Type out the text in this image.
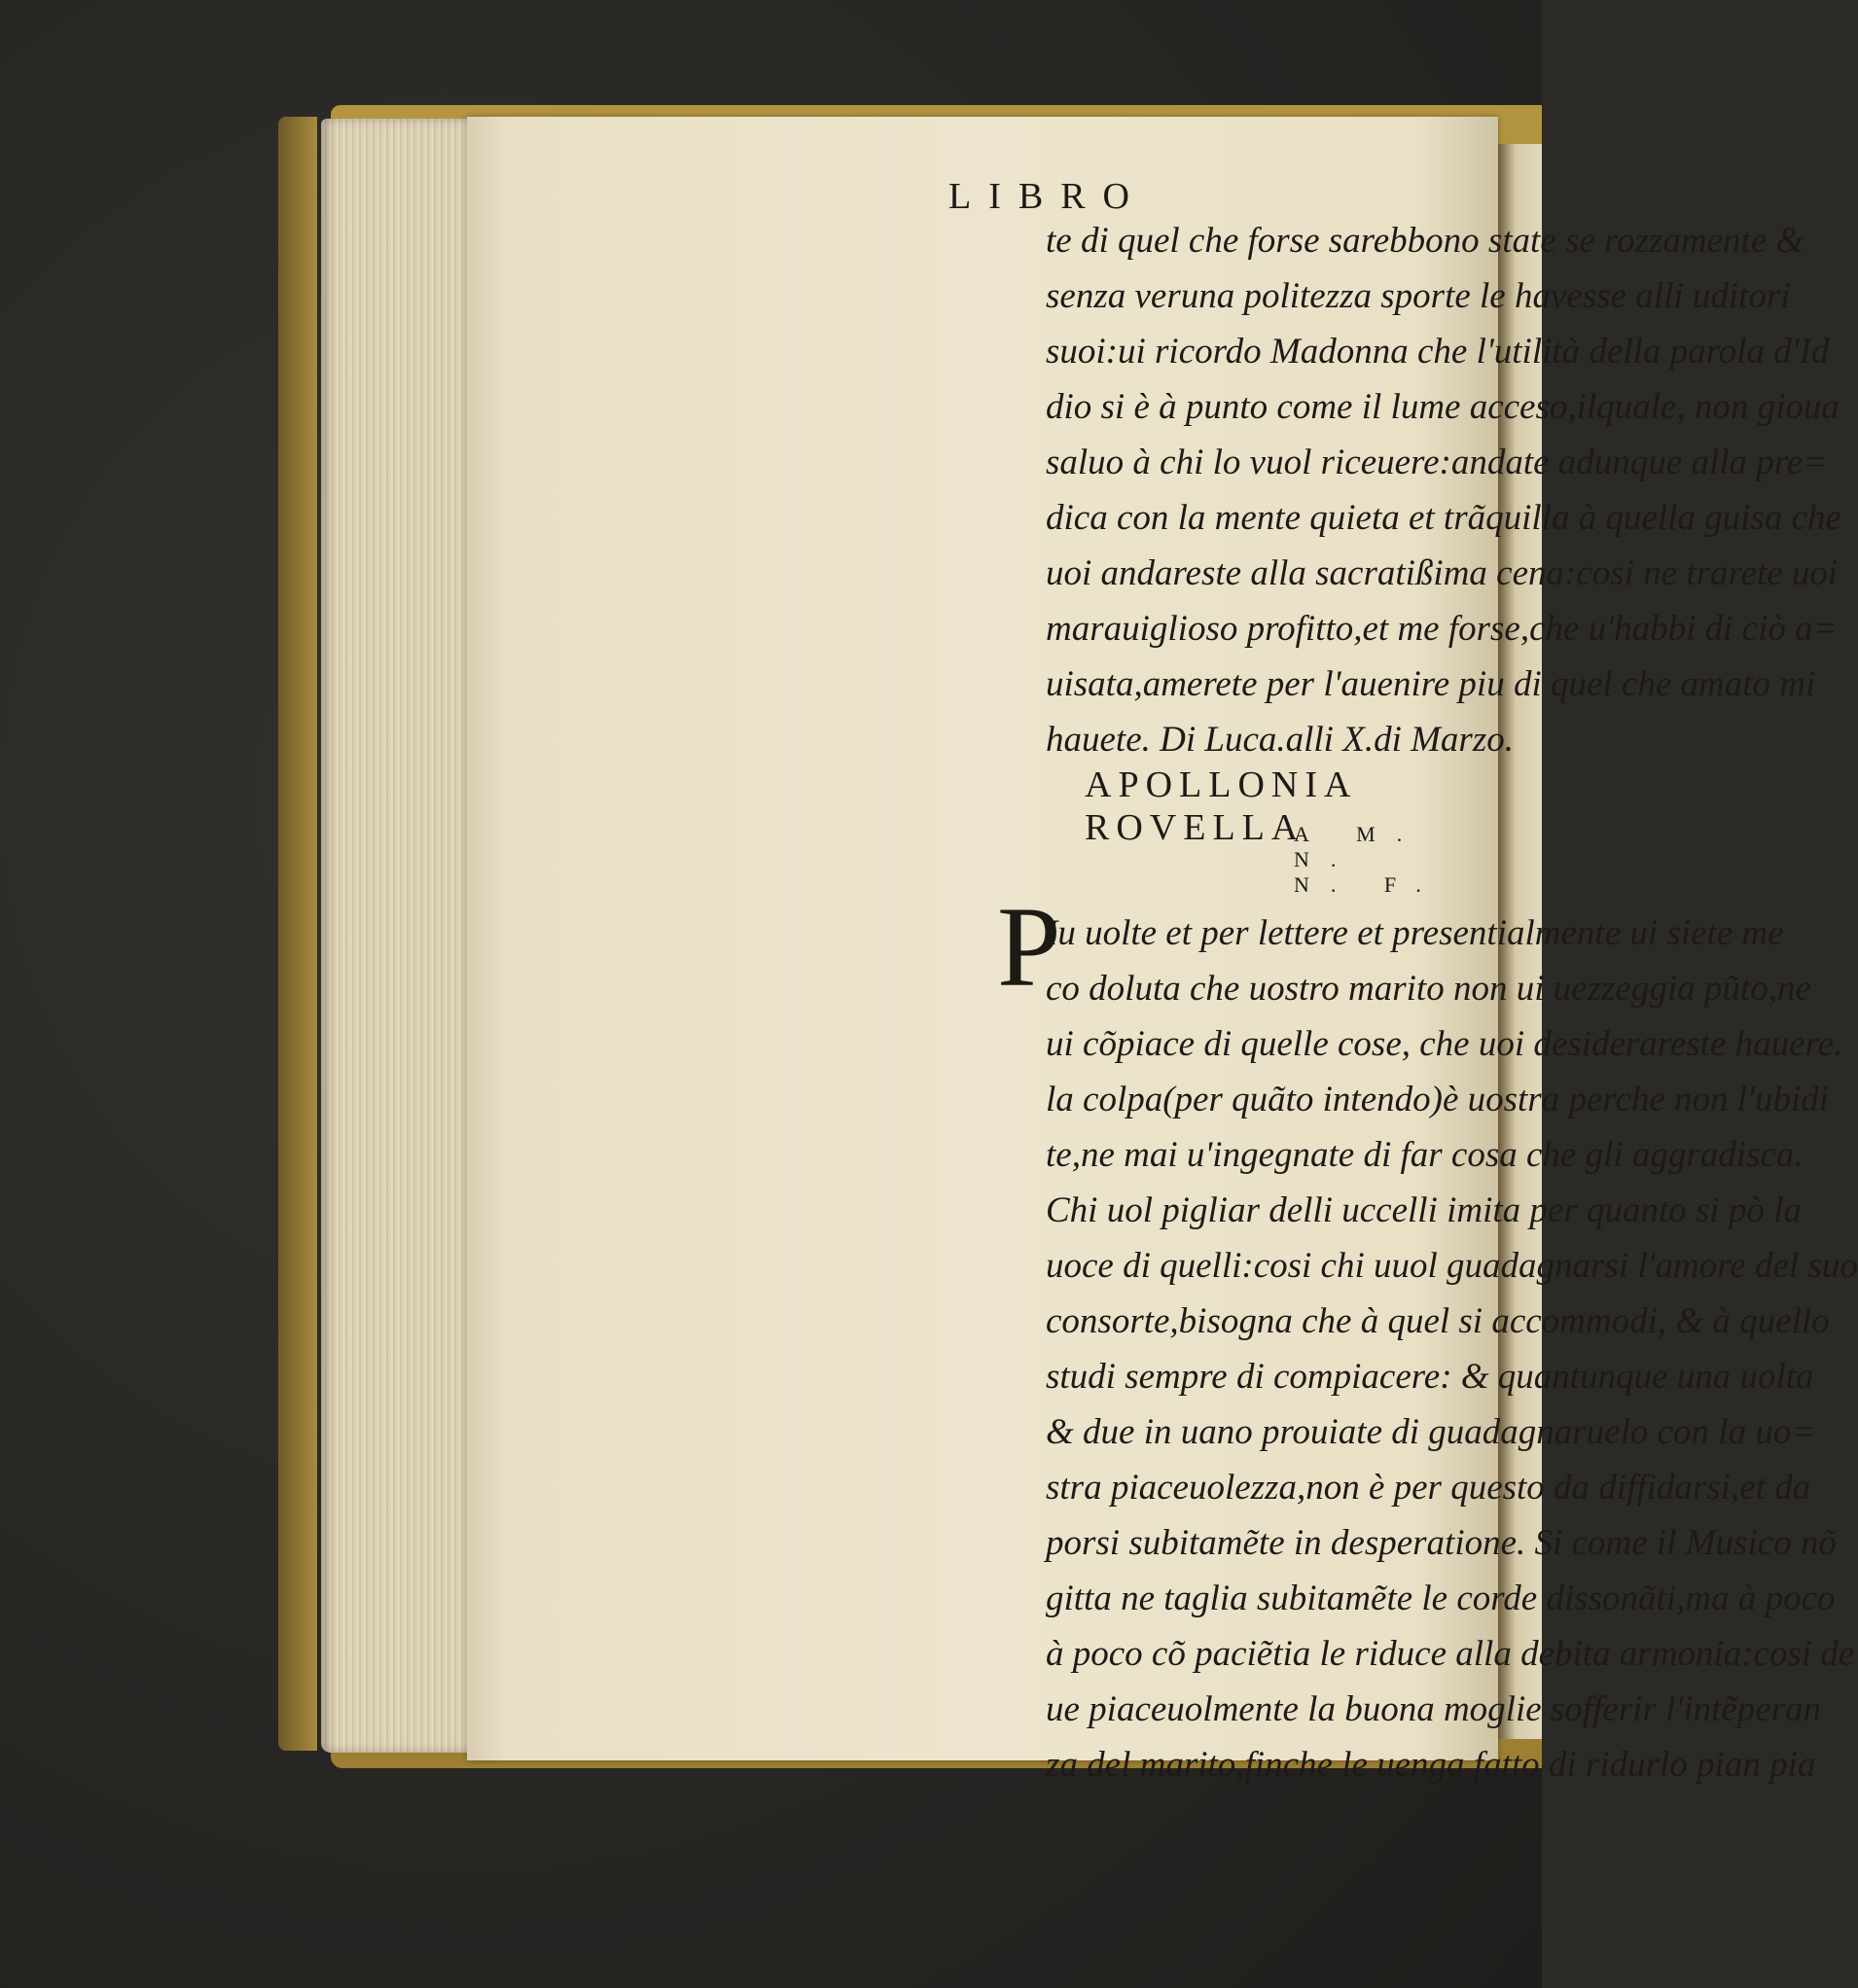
LIBRO
te di quel che forse sarebbono state se rozzamente &
senza veruna politezza sporte le havesse alli uditori
suoi:ui ricordo Madonna che l'utilità della parola d'Id
dio si è à punto come il lume acceso,ilquale, non gioua
saluo à chi lo vuol riceuere:andate adunque alla pre=
dica con la mente quieta et trãquilla à quella guisa che
uoi andareste alla sacratißima cena:cosi ne trarete uoi
marauiglioso profitto,et me forse,che u'habbi di ciò a=
uisata,amerete per l'auenire piu di quel che amato mi
hauete. Di Luca.alli X.di Marzo.
APOLLONIA ROVELLA
A M. N. N. F.
P
Iu uolte et per lettere et presentialmente ui siete me
co doluta che uostro marito non ui uezzeggia pũto,ne
ui cõpiace di quelle cose, che uoi desiderareste hauere.
la colpa(per quãto intendo)è uostra perche non l'ubidi
te,ne mai u'ingegnate di far cosa che gli aggradisca.
Chi uol pigliar delli uccelli imita per quanto si pò la
uoce di quelli:cosi chi uuol guadagnarsi l'amore del suo
consorte,bisogna che à quel si accommodi, & à quello
studi sempre di compiacere: & quantunque una uolta
& due in uano prouiate di guadagnaruelo con la uo=
stra piaceuolezza,non è per questo da diffidarsi,et da
porsi subitamẽte in desperatione. Si come il Musico nõ
gitta ne taglia subitamẽte le corde dissonãti,ma à poco
à poco cõ paciẽtia le riduce alla debita armonia:cosi de
ue piaceuolmente la buona moglie sofferir l'intẽperan
za del marito,finche le uenga fatto di ridurlo pian pia
